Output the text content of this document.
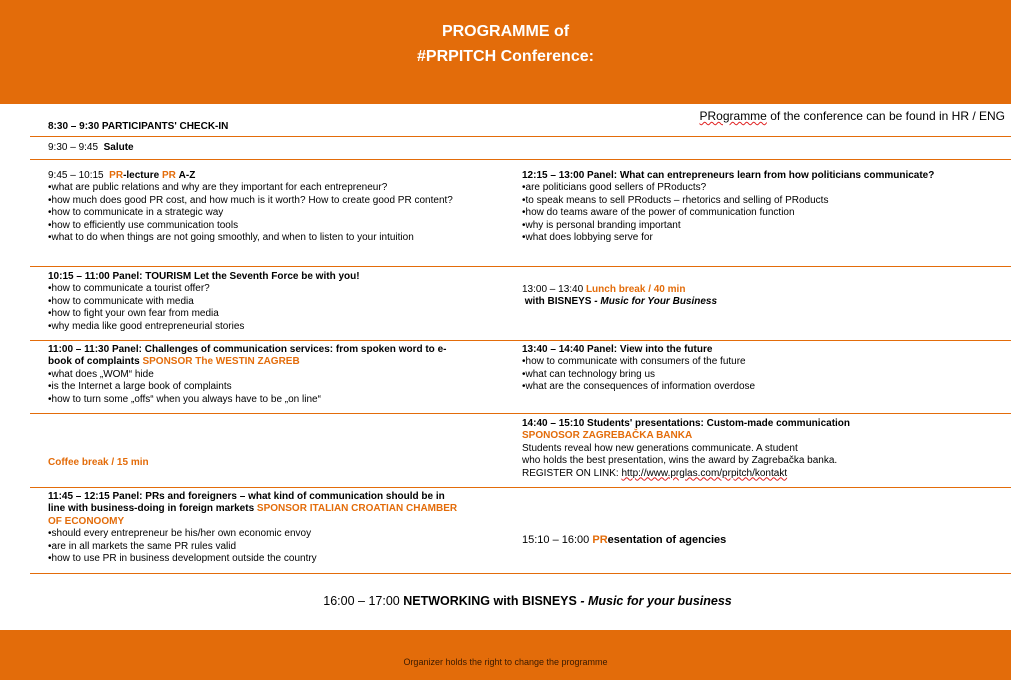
PROGRAMME of
#PRPITCH Conference:
PRogramme of the conference can be found in HR / ENG
8:30 – 9:30 PARTICIPANTS' CHECK-IN
9:30 – 9:45 Salute
9:45 – 10:15 PR-lecture PR A-Z
• what are public relations and why are they important for each entrepreneur?
• how much does good PR cost, and how much is it worth? How to create good PR content?
• how to communicate in a strategic way
• how to efficiently use communication tools
• what to do when things are not going smoothly, and when to listen to your intuition
10:15 – 11:00 Panel: TOURISM Let the Seventh Force be with you!
• how to communicate a tourist offer?
• how to communicate with media
• how to fight your own fear from media
• why media like good entrepreneurial stories
11:00 – 11:30 Panel: Challenges of communication services: from spoken word to e-book of complaints SPONSOR The WESTIN ZAGREB
• what does „WOM“ hide
• is the Internet a large book of complaints
• how to turn some „offs“ when you always have to be „on line“
Coffee break / 15 min
11:45 – 12:15 Panel: PRs and foreigners – what kind of communication should be in line with business-doing in foreign markets SPONSOR ITALIAN CROATIAN CHAMBER OF ECONOOMY
• should every entrepreneur be his/her own economic envoy
• are in all markets the same PR rules valid
• how to use PR in business development outside the country
12:15 – 13:00 Panel: What can entrepreneurs learn from how politicians communicate?
• are politicians good sellers of PRoducts?
• to speak means to sell PRoducts – rhetorics and selling of PRoducts
• how do teams aware of the power of communication function
• why is personal branding important
• what does lobbying serve for
13:00 – 13:40 Lunch break / 40 min
with BISNEYS - Music for Your Business
13:40 – 14:40 Panel: View into the future
• how to communicate with consumers of the future
• what can technology bring us
• what are the consequences of information overdose
14:40 – 15:10 Students' presentations: Custom-made communication
SPONOSOR ZAGREBAČKA BANKA
Students reveal how new generations communicate. A student
who holds the best presentation, wins the award by Zagrebačka banka.
REGISTER ON LINK: http://www.prglas.com/prpitch/kontakt
15:10 – 16:00 PResentation of agencies
16:00 – 17:00 NETWORKING with BISNEYS - Music for your business
Organizer holds the right to change the programme
